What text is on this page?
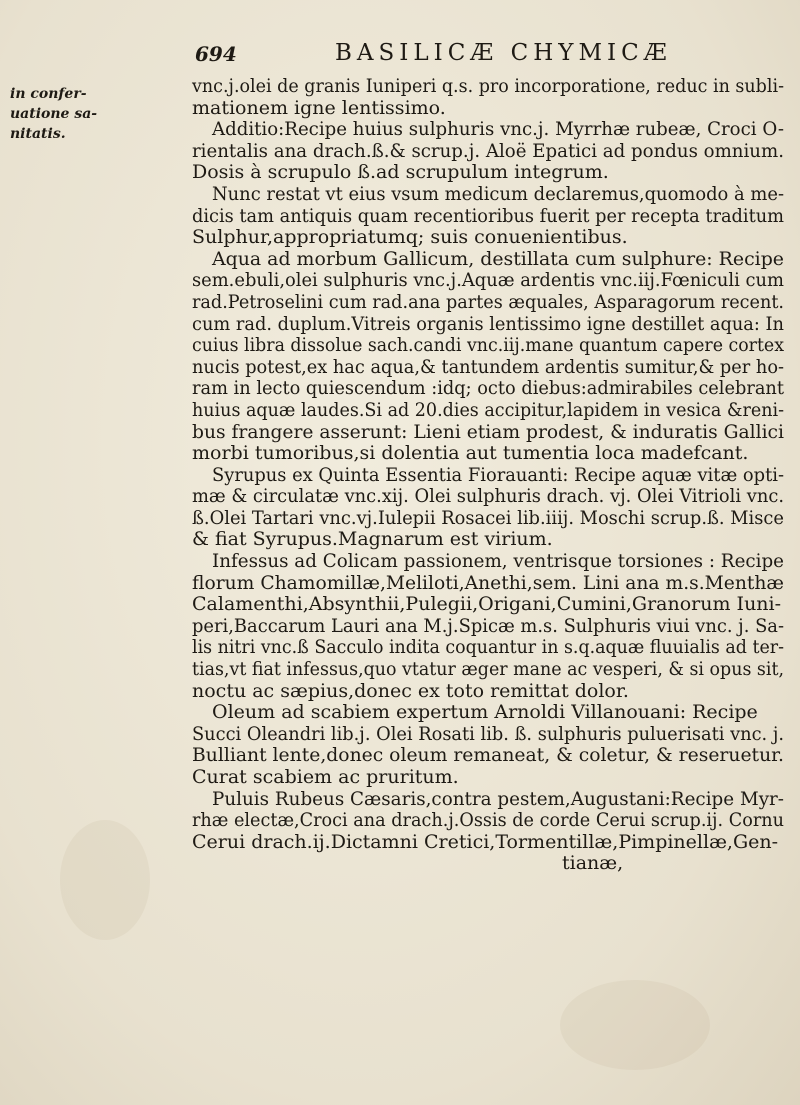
694	BASILICÆ CHYMICÆ
in confer-
uatione sa-
nitatis.
vnc.j.olei de granis Iuniperi q.s. pro incorporatione, reduc in subli-
mationem igne lentissimo.
Additio:Recipe huius sulphuris vnc.j. Myrrhæ rubeæ, Croci O-
rientalis ana drach.ß.& scrup.j. Aloë Epatici ad pondus omnium.
Dosis à scrupulo ß.ad scrupulum integrum.
Nunc restat vt eius vsum medicum declaremus,quomodo à me-
dicis tam antiquis quam recentioribus fuerit per recepta traditum
Sulphur,appropriatumq; suis conuenientibus.
Aqua ad morbum Gallicum, destillata cum sulphure: Recipe
sem.ebuli,olei sulphuris vnc.j.Aquæ ardentis vnc.iij.Fœniculi cum
rad.Petroselini cum rad.ana partes æquales, Asparagorum recent.
cum rad. duplum.Vitreis organis lentissimo igne destillet aqua: In
cuius libra dissolue sach.candi vnc.iij.mane quantum capere cortex
nucis potest,ex hac aqua,& tantundem ardentis sumitur,& per ho-
ram in lecto quiescendum :idq; octo diebus:admirabiles celebrant
huius aquæ laudes.Si ad 20.dies accipitur,lapidem in vesica &reni-
bus frangere asserunt: Lieni etiam prodest, & induratis Gallici
morbi tumoribus,si dolentia aut tumentia loca madefcant.
Syrupus ex Quinta Essentia Fiorauanti: Recipe aquæ vitæ opti-
mæ & circulatæ vnc.xij. Olei sulphuris drach. vj. Olei Vitrioli vnc.
ß.Olei Tartari vnc.vj.Iulepii Rosacei lib.iiij. Moschi scrup.ß. Misce
& fiat Syrupus.Magnarum est virium.
Infessus ad Colicam passionem, ventrisque torsiones : Recipe
florum Chamomillæ,Meliloti,Anethi,sem. Lini ana m.s.Menthæ
Calamenthi,Absynthii,Pulegii,Origani,Cumini,Granorum Iuni-
peri,Baccarum Lauri ana M.j.Spicæ m.s. Sulphuris viui vnc. j. Sa-
lis nitri vnc.ß Sacculo indita coquantur in s.q.aquæ fluuialis ad ter-
tias,vt fiat infessus,quo vtatur æger mane ac vesperi, & si opus sit,
noctu ac sæpius,donec ex toto remittat dolor.
Oleum ad scabiem expertum Arnoldi Villanouani: Recipe
Succi Oleandri lib.j. Olei Rosati lib. ß. sulphuris puluerisati vnc. j.
Bulliant lente,donec oleum remaneat, & coletur, & reseruetur.
Curat scabiem ac pruritum.
Puluis Rubeus Cæsaris,contra pestem,Augustani:Recipe Myr-
rhæ electæ,Croci ana drach.j.Ossis de corde Cerui scrup.ij. Cornu
Cerui drach.ij.Dictamni Cretici,Tormentillæ,Pimpinellæ,Gen-
tianæ,
